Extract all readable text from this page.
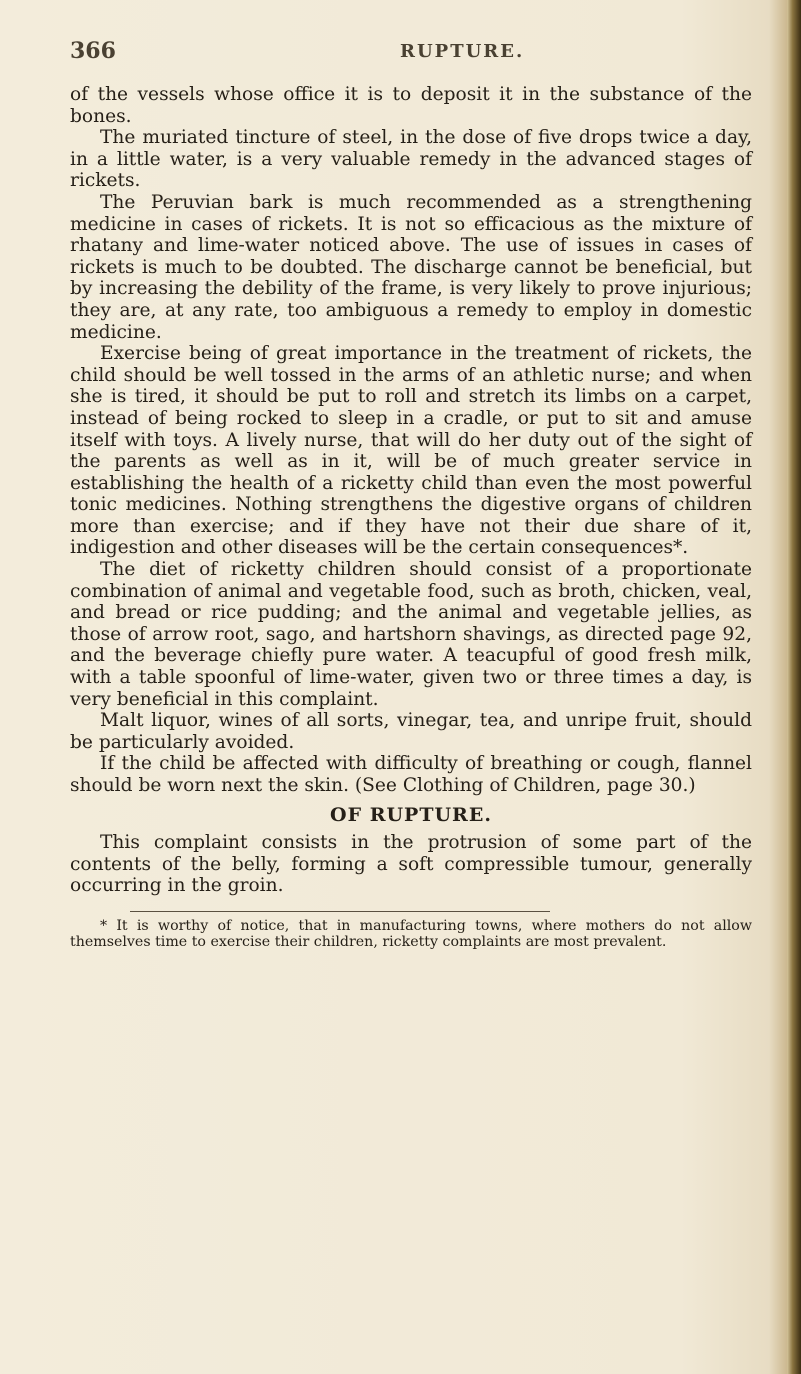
366	RUPTURE.

of the vessels whose office it is to deposit it in the substance of the bones.

The muriated tincture of steel, in the dose of five drops twice a day, in a little water, is a very valuable remedy in the advanced stages of rickets.

The Peruvian bark is much recommended as a strengthening medicine in cases of rickets. It is not so efficacious as the mixture of rhatany and lime-water noticed above. The use of issues in cases of rickets is much to be doubted. The discharge cannot be beneficial, but by increasing the debility of the frame, is very likely to prove injurious; they are, at any rate, too ambiguous a remedy to employ in domestic medicine.

Exercise being of great importance in the treatment of rickets, the child should be well tossed in the arms of an athletic nurse; and when she is tired, it should be put to roll and stretch its limbs on a carpet, instead of being rocked to sleep in a cradle, or put to sit and amuse itself with toys. A lively nurse, that will do her duty out of the sight of the parents as well as in it, will be of much greater service in establishing the health of a ricketty child than even the most powerful tonic medicines. Nothing strengthens the digestive organs of children more than exercise; and if they have not their due share of it, indigestion and other diseases will be the certain consequences*.

The diet of ricketty children should consist of a proportionate combination of animal and vegetable food, such as broth, chicken, veal, and bread or rice pudding; and the animal and vegetable jellies, as those of arrow root, sago, and hartshorn shavings, as directed page 92, and the beverage chiefly pure water. A teacupful of good fresh milk, with a table spoonful of lime-water, given two or three times a day, is very beneficial in this complaint.

Malt liquor, wines of all sorts, vinegar, tea, and unripe fruit, should be particularly avoided.

If the child be affected with difficulty of breathing or cough, flannel should be worn next the skin. (See Clothing of Children, page 30.)

OF RUPTURE.

This complaint consists in the protrusion of some part of the contents of the belly, forming a soft compressible tumour, generally occurring in the groin.

* It is worthy of notice, that in manufacturing towns, where mothers do not allow themselves time to exercise their children, ricketty complaints are most prevalent.
